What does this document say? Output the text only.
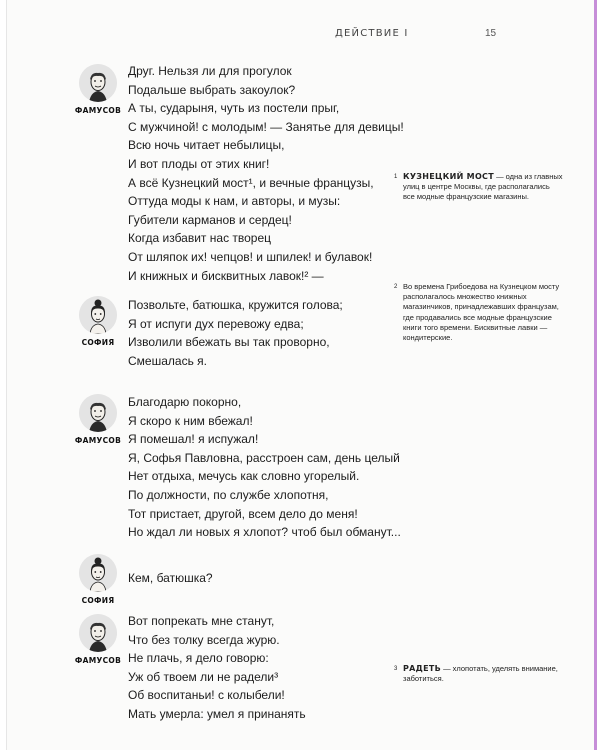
ДЕЙСТВИЕ I	15
ФАМУСОВ
Друг. Нельзя ли для прогулок
Подальше выбрать закоулок?
А ты, сударыня, чуть из постели прыг,
С мужчиной! с молодым! — Занятье для девицы!
Всю ночь читает небылицы,
И вот плоды от этих книг!
А всё Кузнецкий мост¹, и вечные французы,
Оттуда моды к нам, и авторы, и музы:
Губители карманов и сердец!
Когда избавит нас творец
От шляпок их! чепцов! и шпилек! и булавок!
И книжных и бисквитных лавок!² —
СОФИЯ
Позвольте, батюшка, кружится голова;
Я от испуги дух перевожу едва;
Изволили вбежать вы так проворно,
Смешалась я.
ФАМУСОВ
Благодарю покорно,
Я скоро к ним вбежал!
Я помешал! я испужал!
Я, Софья Павловна, расстроен сам, день целый
Нет отдыха, мечусь как словно угорелый.
По должности, по службе хлопотня,
Тот пристает, другой, всем дело до меня!
Но ждал ли новых я хлопот? чтоб был обманут...
СОФИЯ
Кем, батюшка?
ФАМУСОВ
Вот попрекать мне станут,
Что без толку всегда журю.
Не плачь, я дело говорю:
Уж об твоем ли не радели³
Об воспитаньи! с колыбели!
Мать умерла: умел я принанять
1 КУЗНЕЦКИЙ МОСТ — одна из главных улиц в центре Москвы, где располагались все модные французские магазины.
2 Во времена Грибоедова на Кузнецком мосту располагалось множество книжных магазинчиков, принадлежавших французам, где продавались все модные французские книги того времени. Бисквитные лавки — кондитерские.
3 РАДЕТЬ — хлопотать, уделять внимание, заботиться.
